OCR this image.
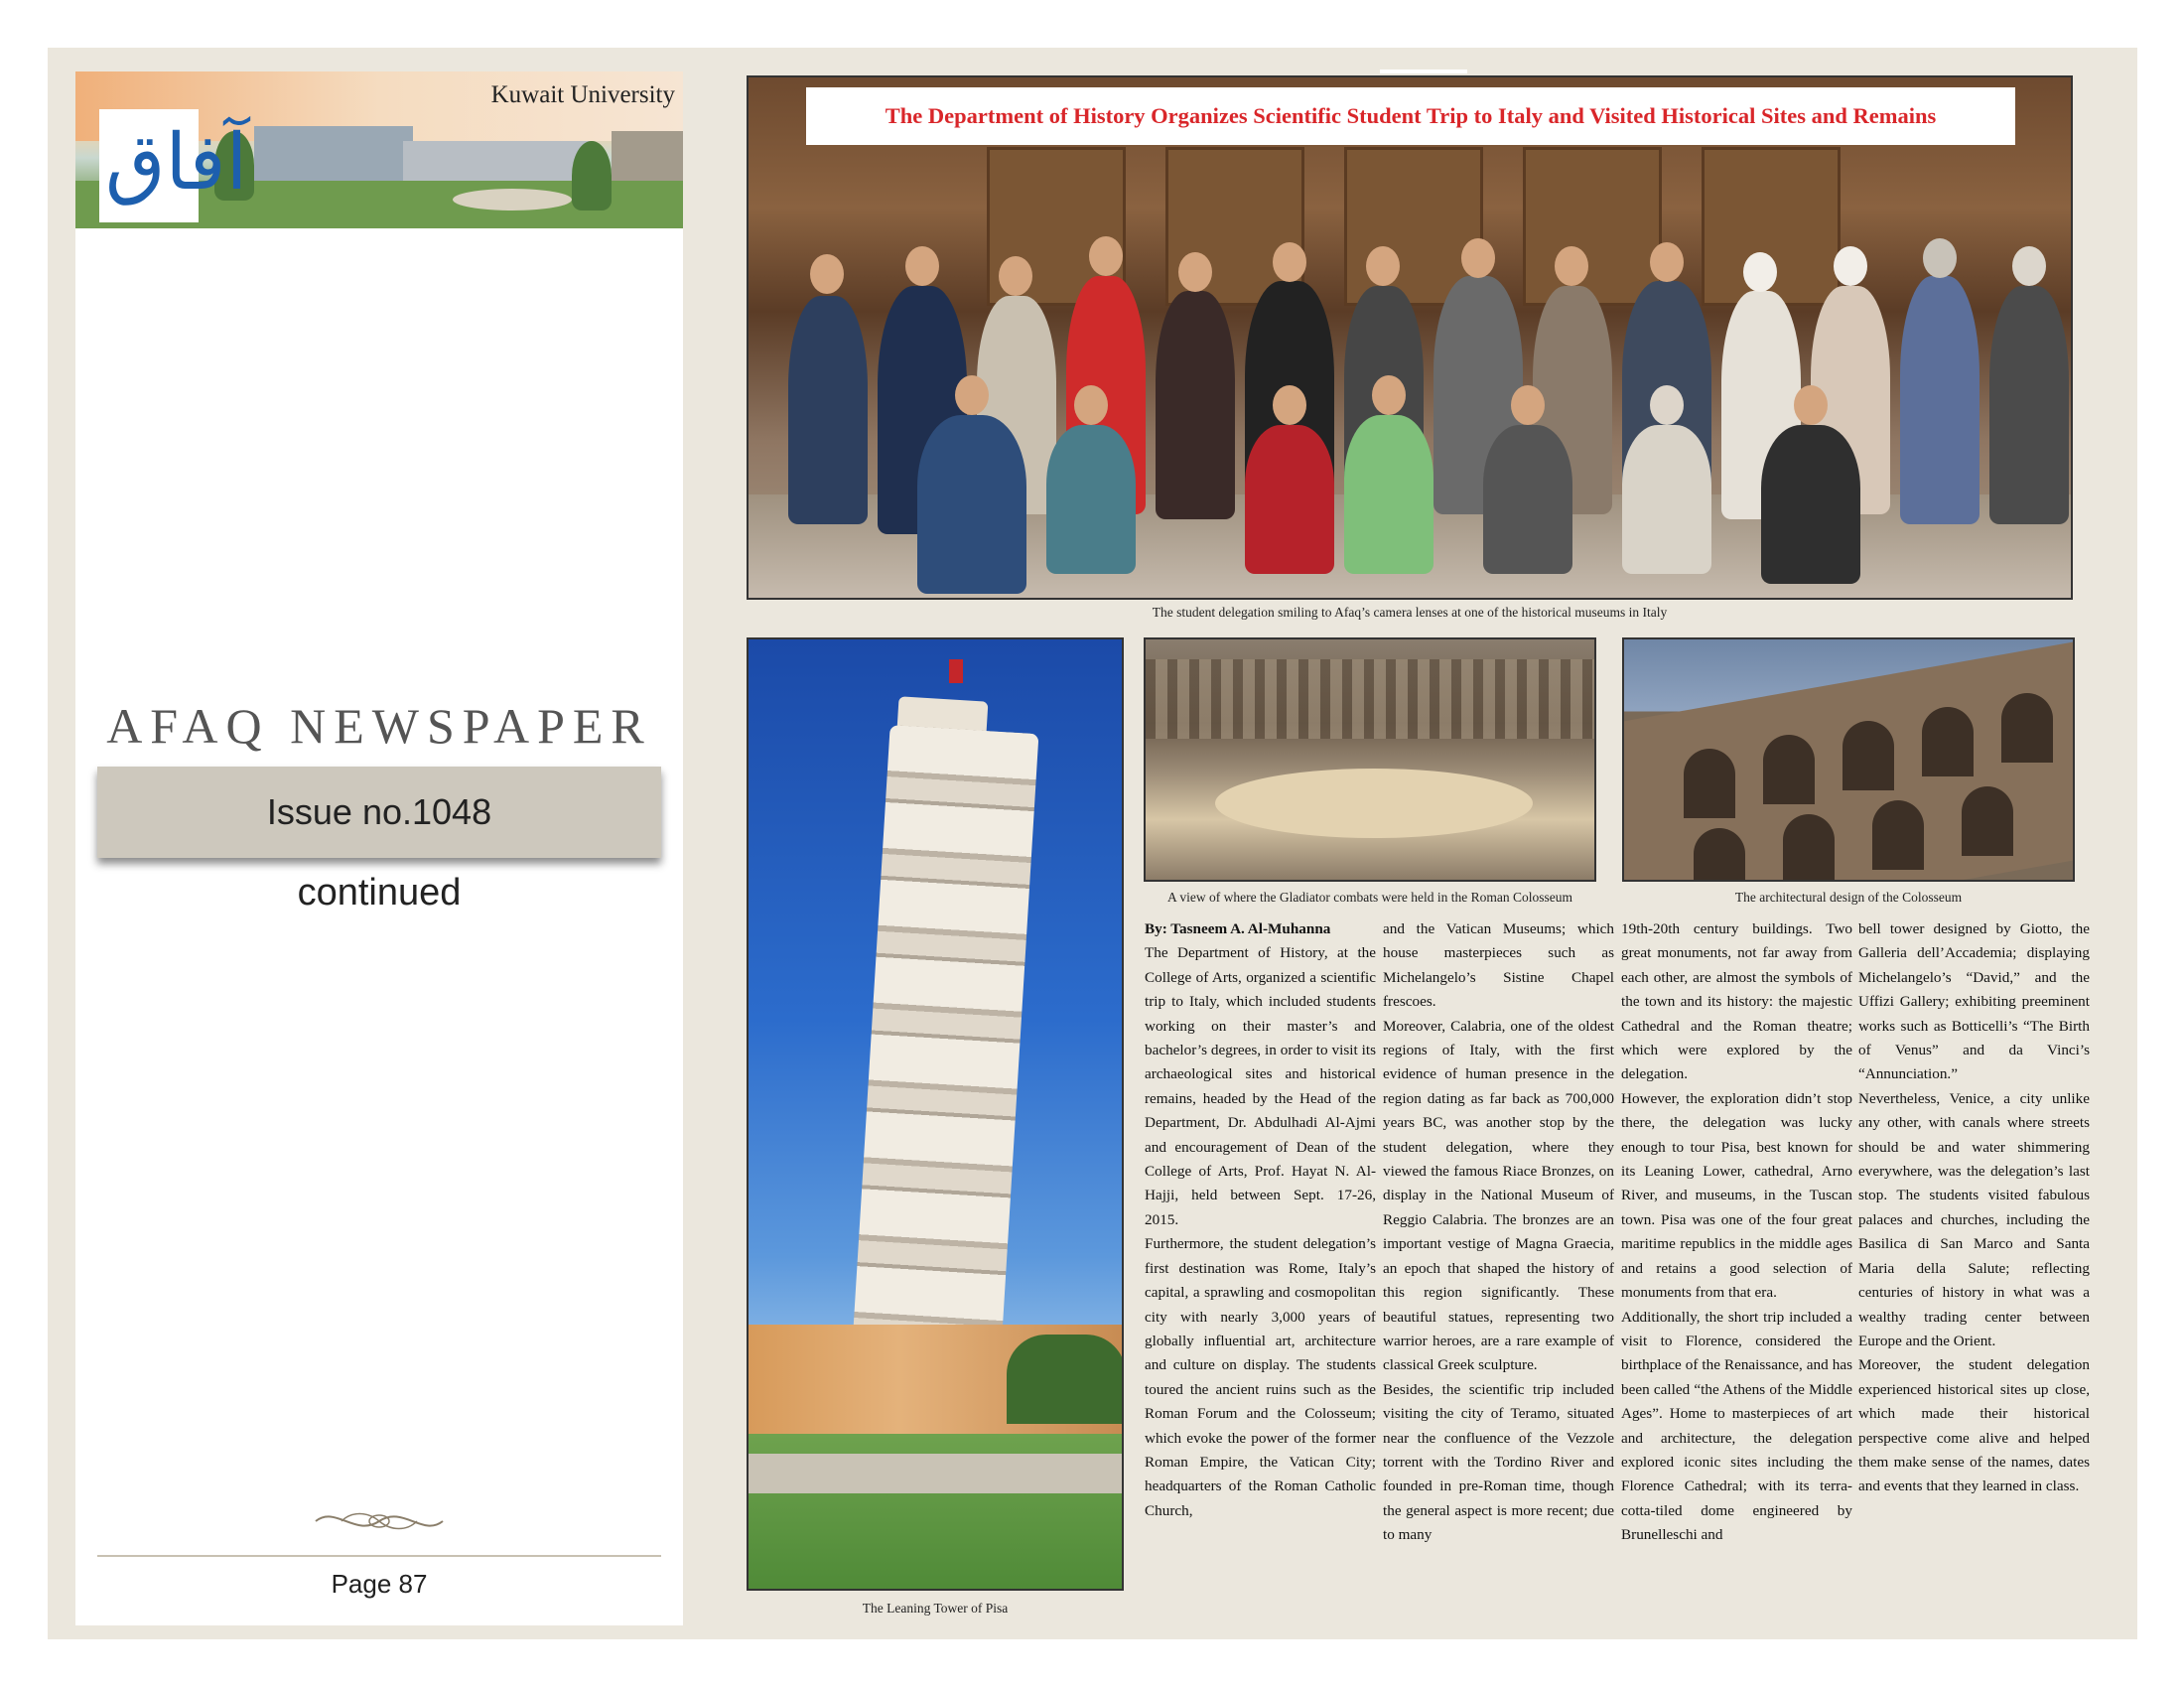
آفاق
Kuwait University
AFAQ NEWSPAPER
Issue no.1048
continued
Page 87
The Department of History Organizes Scientific Student Trip to Italy and Visited Historical Sites and Remains
The student delegation smiling to Afaq’s camera lenses at one of the historical museums in Italy
The Leaning Tower of Pisa
A view of where the Gladiator combats were held in the Roman Colosseum	The architectural design of the Colosseum

By: Tasneem A. Al-Muhanna

The Department of History, at the College of Arts, organized a scientific trip to Italy, which included students working on their master’s and bachelor’s degrees, in order to visit its archaeological sites and historical remains, headed by the Head of the Department, Dr. Abdulhadi Al-Ajmi and encouragement of Dean of the College of Arts, Prof. Hayat N. Al-Hajji, held between Sept. 17-26, 2015.

Furthermore, the student delegation’s first destination was Rome, Italy’s capital, a sprawling and cosmopolitan city with nearly 3,000 years of globally influential art, architecture and culture on display. The students toured the ancient ruins such as the Roman Forum and the Colosseum; which evoke the power of the former Roman Empire, the Vatican City; headquarters of the Roman Catholic Church,

and the Vatican Museums; which house masterpieces such as Michelangelo’s Sistine Chapel frescoes.

Moreover, Calabria, one of the oldest regions of Italy, with the first evidence of human presence in the region dating as far back as 700,000 years BC, was another stop by the student delegation, where they viewed the famous Riace Bronzes, on display in the National Museum of Reggio Calabria. The bronzes are an important vestige of Magna Graecia, an epoch that shaped the history of this region significantly. These beautiful statues, representing two warrior heroes, are a rare example of classical Greek sculpture.

Besides, the scientific trip included visiting the city of Teramo, situated near the confluence of the Vezzole torrent with the Tordino River and founded in pre-Roman time, though the general aspect is more recent; due to many

19th-20th century buildings. Two great monuments, not far away from each other, are almost the symbols of the town and its history: the majestic Cathedral and the Roman theatre; which were explored by the delegation.

However, the exploration didn’t stop there, the delegation was lucky enough to tour Pisa, best known for its Leaning Lower, cathedral, Arno River, and museums, in the Tuscan town. Pisa was one of the four great maritime republics in the middle ages and retains a good selection of monuments from that era.

Additionally, the short trip included a visit to Florence, considered the birthplace of the Renaissance, and has been called “the Athens of the Middle Ages”. Home to masterpieces of art and architecture, the delegation explored iconic sites including the Florence Cathedral; with its terra-cotta-tiled dome engineered by Brunelleschi and

bell tower designed by Giotto, the Galleria dell’Accademia; displaying Michelangelo’s “David,” and the Uffizi Gallery; exhibiting preeminent works such as Botticelli’s “The Birth of Venus” and da Vinci’s “Annunciation.”

Nevertheless, Venice, a city unlike any other, with canals where streets should be and water shimmering everywhere, was the delegation’s last stop. The students visited fabulous palaces and churches, including the Basilica di San Marco and Santa Maria della Salute; reflecting centuries of history in what was a wealthy trading center between Europe and the Orient.

Moreover, the student delegation experienced historical sites up close, which made their historical perspective come alive and helped them make sense of the names, dates and events that they learned in class.
